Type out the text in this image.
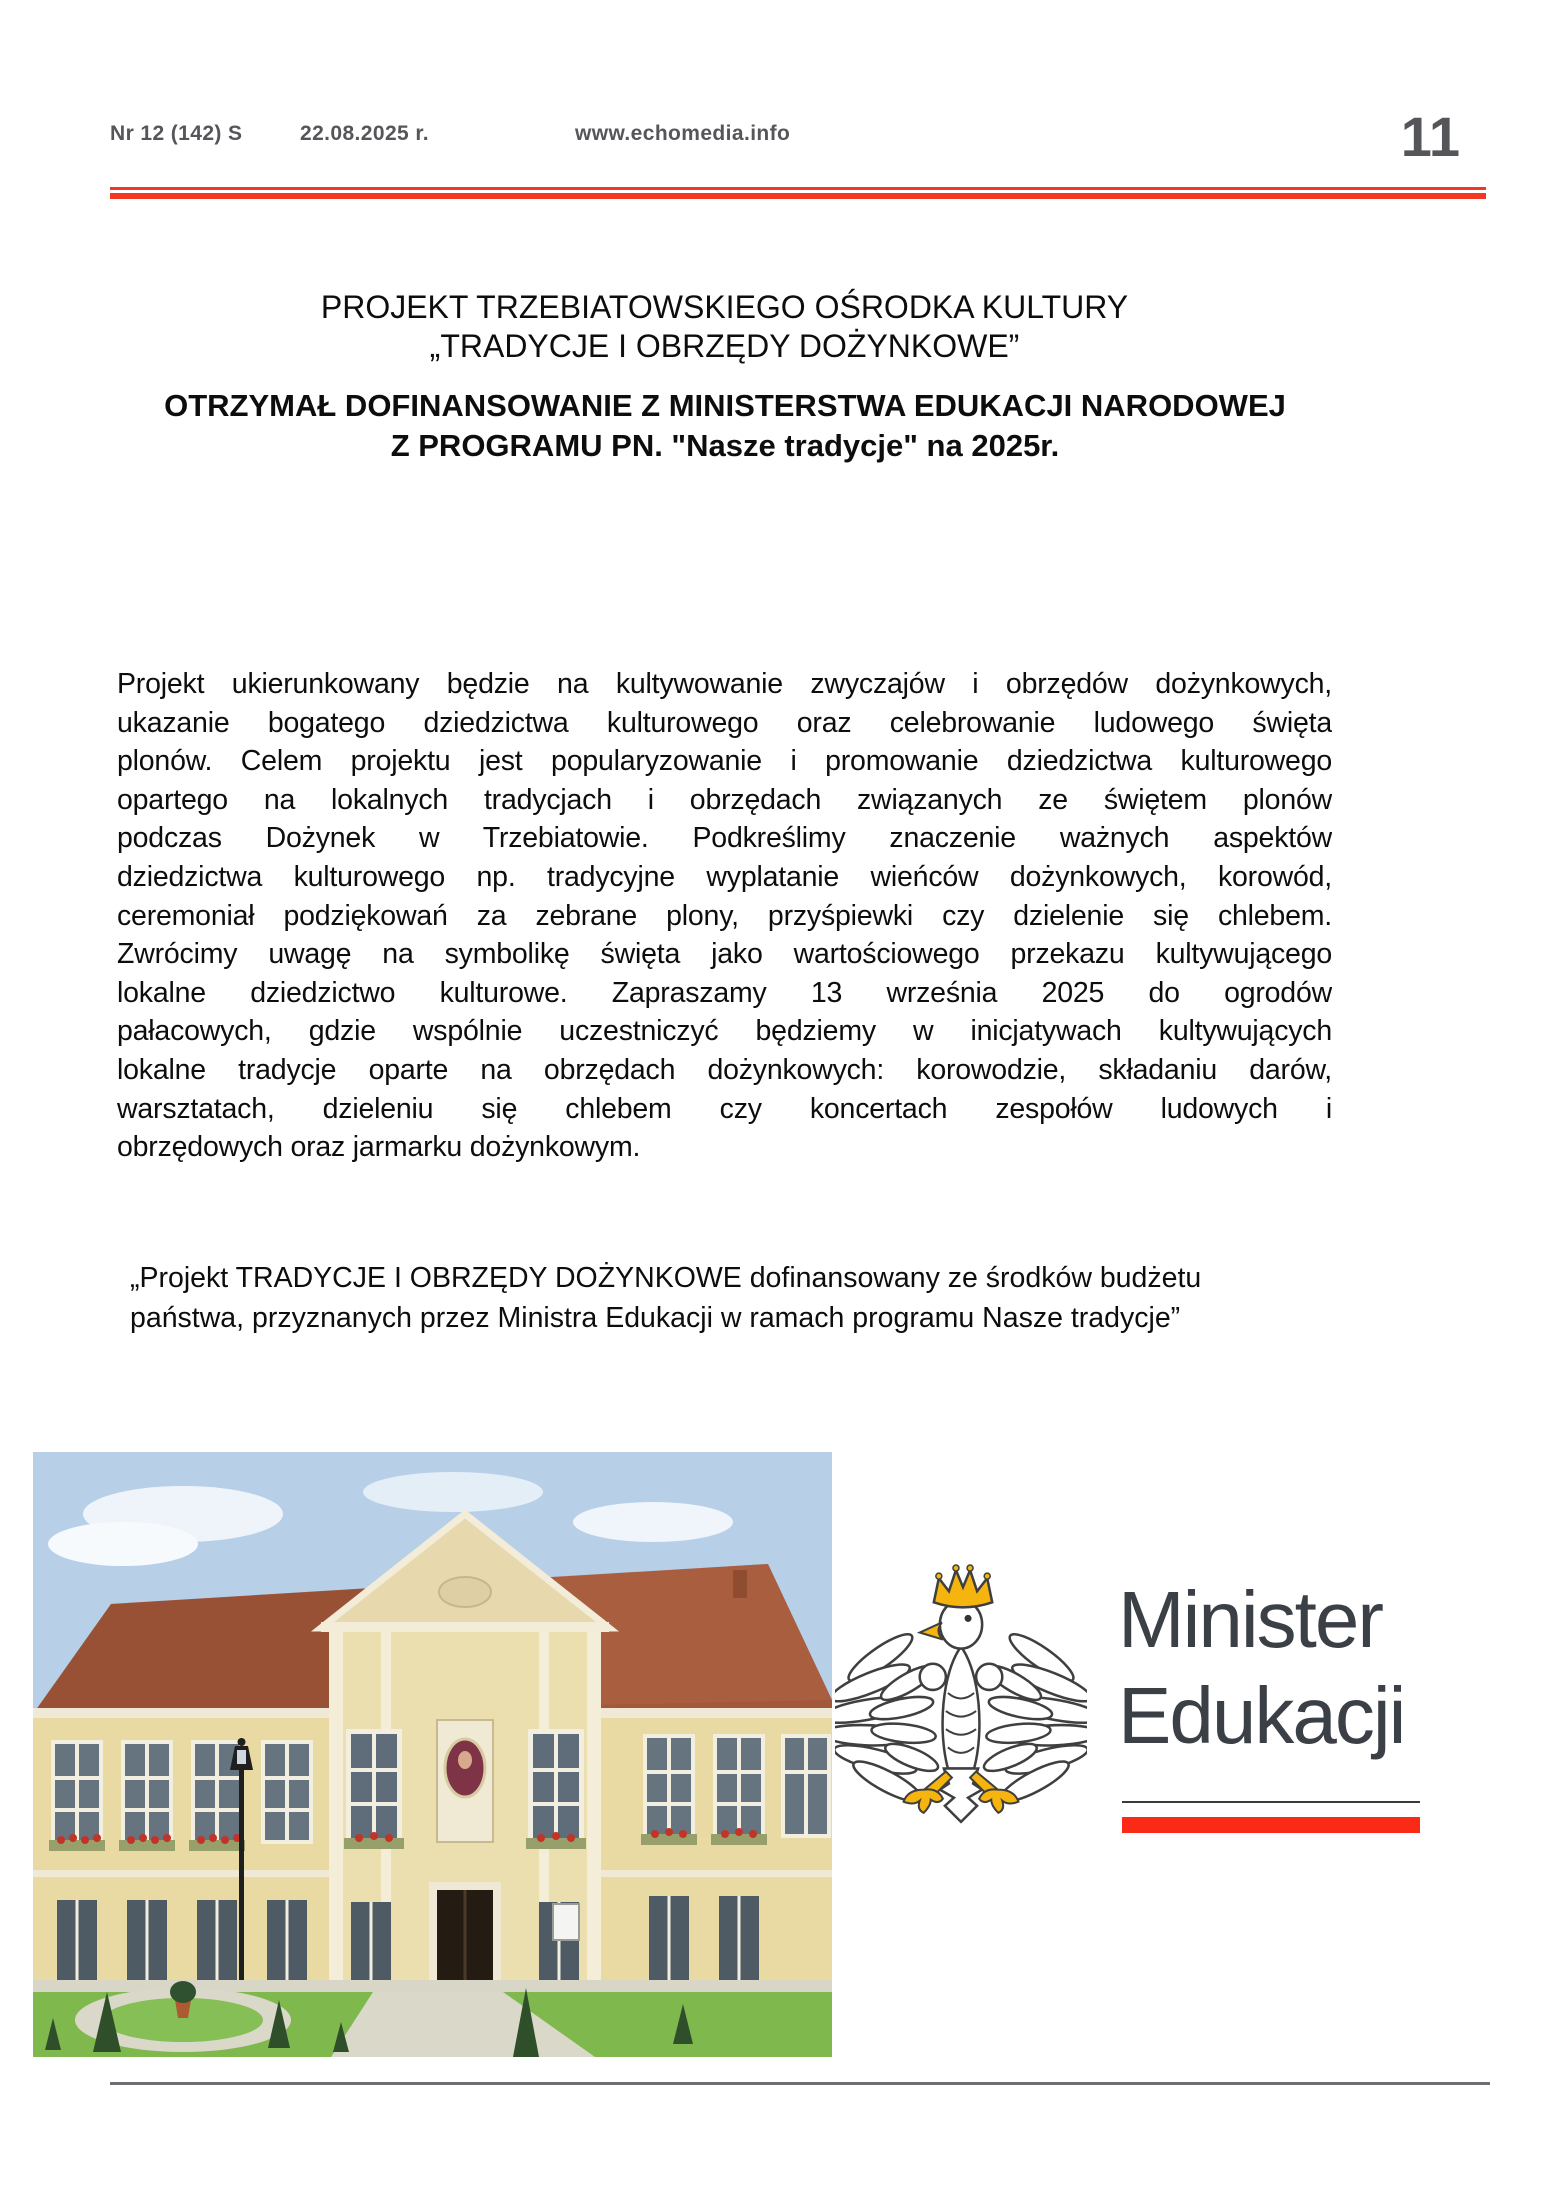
Nr 12 (142) S	22.08.2025 r.	www.echomedia.info	11
PROJEKT TRZEBIATOWSKIEGO OŚRODKA KULTURY
„TRADYCJE I OBRZĘDY DOŻYNKOWE”
OTRZYMAŁ DOFINANSOWANIE Z MINISTERSTWA EDUKACJI NARODOWEJ
Z PROGRAMU PN. "Nasze tradycje" na 2025r.
Projekt ukierunkowany będzie na kultywowanie zwyczajów i obrzędów dożynkowych,
ukazanie bogatego dziedzictwa kulturowego oraz celebrowanie ludowego święta
plonów. Celem projektu jest popularyzowanie i promowanie dziedzictwa kulturowego
opartego na lokalnych tradycjach i obrzędach związanych ze świętem plonów
podczas Dożynek w Trzebiatowie. Podkreślimy znaczenie ważnych aspektów
dziedzictwa kulturowego np. tradycyjne wyplatanie wieńców dożynkowych, korowód,
ceremoniał podziękowań za zebrane plony, przyśpiewki czy dzielenie się chlebem.
Zwrócimy uwagę na symbolikę święta jako wartościowego przekazu kultywującego
lokalne dziedzictwo kulturowe. Zapraszamy 13 września 2025 do ogrodów
pałacowych, gdzie wspólnie uczestniczyć będziemy w inicjatywach kultywujących
lokalne tradycje oparte na obrzędach dożynkowych: korowodzie, składaniu darów,
warsztatach, dzieleniu się chlebem czy koncertach zespołów ludowych i
obrzędowych oraz jarmarku dożynkowym.
„Projekt TRADYCJE I OBRZĘDY DOŻYNKOWE dofinansowany ze środków budżetu
państwa, przyznanych przez Ministra Edukacji w ramach programu Nasze tradycje”
Minister
Edukacji
